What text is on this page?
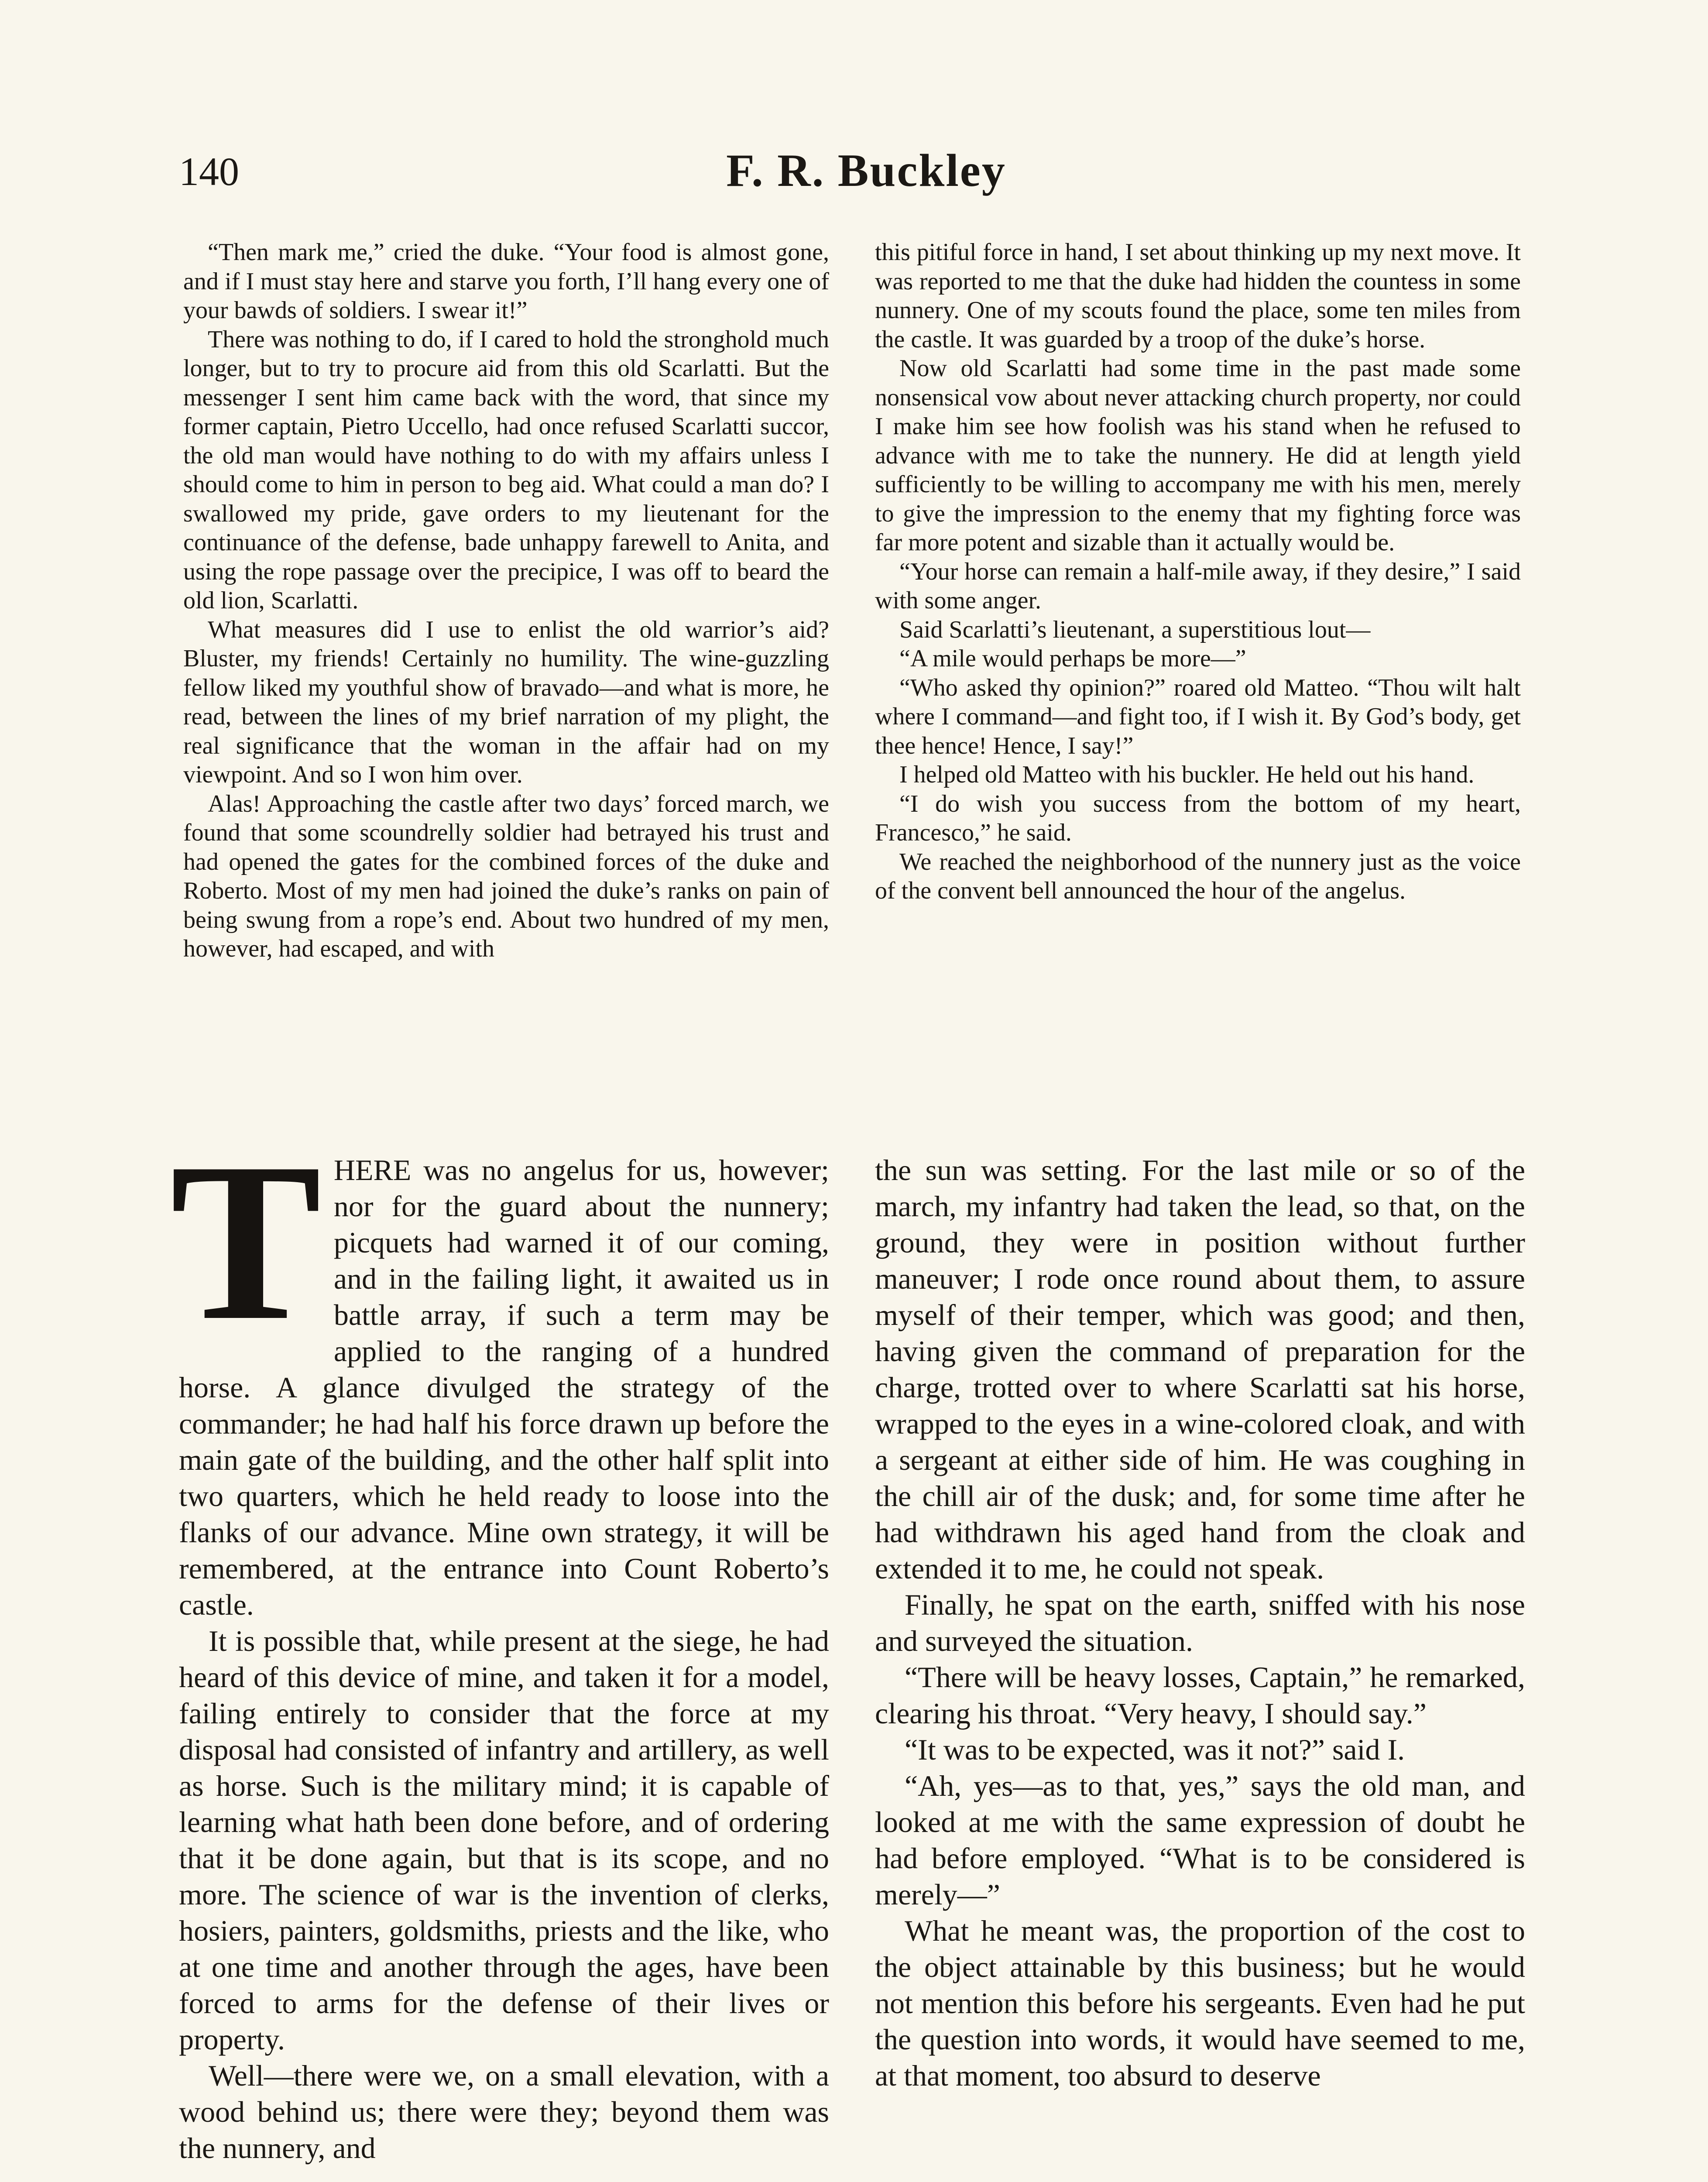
140	F. R. Buckley

“Then mark me,” cried the duke. “Your food is almost gone, and if I must stay here and starve you forth, I’ll hang every one of your bawds of soldiers. I swear it!”

There was nothing to do, if I cared to hold the stronghold much longer, but to try to procure aid from this old Scarlatti. But the messenger I sent him came back with the word, that since my former captain, Pietro Uccello, had once refused Scarlatti succor, the old man would have nothing to do with my affairs unless I should come to him in person to beg aid. What could a man do? I swallowed my pride, gave orders to my lieutenant for the continuance of the defense, bade unhappy farewell to Anita, and using the rope passage over the precipice, I was off to beard the old lion, Scarlatti.

What measures did I use to enlist the old warrior’s aid? Bluster, my friends! Certainly no humility. The wine-guzzling fellow liked my youthful show of bravado—and what is more, he read, between the lines of my brief narration of my plight, the real significance that the woman in the affair had on my viewpoint. And so I won him over.

Alas! Approaching the castle after two days’ forced march, we found that some scoundrelly soldier had betrayed his trust and had opened the gates for the combined forces of the duke and Roberto. Most of my men had joined the duke’s ranks on pain of being swung from a rope’s end. About two hundred of my men, however, had escaped, and with

this pitiful force in hand, I set about thinking up my next move. It was reported to me that the duke had hidden the countess in some nunnery. One of my scouts found the place, some ten miles from the castle. It was guarded by a troop of the duke’s horse.

Now old Scarlatti had some time in the past made some nonsensical vow about never attacking church property, nor could I make him see how foolish was his stand when he refused to advance with me to take the nunnery. He did at length yield sufficiently to be willing to accompany me with his men, merely to give the impression to the enemy that my fighting force was far more potent and sizable than it actually would be.

“Your horse can remain a half-mile away, if they desire,” I said with some anger.

Said Scarlatti’s lieutenant, a superstitious lout—

“A mile would perhaps be more—”

“Who asked thy opinion?” roared old Matteo. “Thou wilt halt where I command—and fight too, if I wish it. By God’s body, get thee hence! Hence, I say!”

I helped old Matteo with his buckler. He held out his hand.

“I do wish you success from the bottom of my heart, Francesco,” he said.

We reached the neighborhood of the nunnery just as the voice of the convent bell announced the hour of the angelus.

THERE was no angelus for us, however; nor for the guard about the nunnery; picquets had warned it of our coming, and in the failing light, it awaited us in battle array, if such a term may be applied to the ranging of a hundred horse. A glance divulged the strategy of the commander; he had half his force drawn up before the main gate of the building, and the other half split into two quarters, which he held ready to loose into the flanks of our advance. Mine own strategy, it will be remembered, at the entrance into Count Roberto’s castle.

It is possible that, while present at the siege, he had heard of this device of mine, and taken it for a model, failing entirely to consider that the force at my disposal had consisted of infantry and artillery, as well as horse. Such is the military mind; it is capable of learning what hath been done before, and of ordering that it be done again, but that is its scope, and no more. The science of war is the invention of clerks, hosiers, painters, goldsmiths, priests and the like, who at one time and another through the ages, have been forced to arms for the defense of their lives or property.

Well—there were we, on a small elevation, with a wood behind us; there were they; beyond them was the nunnery, and

the sun was setting. For the last mile or so of the march, my infantry had taken the lead, so that, on the ground, they were in position without further maneuver; I rode once round about them, to assure myself of their temper, which was good; and then, having given the command of preparation for the charge, trotted over to where Scarlatti sat his horse, wrapped to the eyes in a wine-colored cloak, and with a sergeant at either side of him. He was coughing in the chill air of the dusk; and, for some time after he had withdrawn his aged hand from the cloak and extended it to me, he could not speak.

Finally, he spat on the earth, sniffed with his nose and surveyed the situation.

“There will be heavy losses, Captain,” he remarked, clearing his throat. “Very heavy, I should say.”

“It was to be expected, was it not?” said I.

“Ah, yes—as to that, yes,” says the old man, and looked at me with the same expression of doubt he had before employed. “What is to be considered is merely—”

What he meant was, the proportion of the cost to the object attainable by this business; but he would not mention this before his sergeants. Even had he put the question into words, it would have seemed to me, at that moment, too absurd to deserve
